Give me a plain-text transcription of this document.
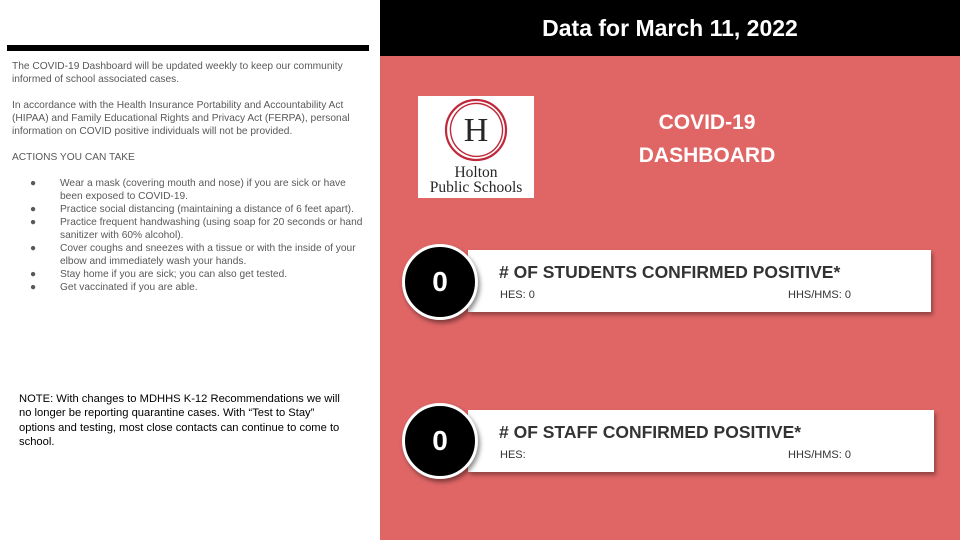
The COVID-19 Dashboard will be updated weekly to keep our community informed of school associated cases.

In accordance with the Health Insurance Portability and Accountability Act (HIPAA) and Family Educational Rights and Privacy Act (FERPA), personal information on COVID positive individuals will not be provided.

ACTIONS YOU CAN TAKE

● Wear a mask (covering mouth and nose) if you are sick or have been exposed to COVID-19.
● Practice social distancing (maintaining a distance of 6 feet apart).
● Practice frequent handwashing (using soap for 20 seconds or hand sanitizer with 60% alcohol).
● Cover coughs and sneezes with a tissue or with the inside of your elbow and immediately wash your hands.
● Stay home if you are sick; you can also get tested.
● Get vaccinated if you are able.
NOTE: With changes to MDHHS K-12 Recommendations we will no longer be reporting quarantine cases. With “Test to Stay” options and testing, most close contacts can continue to come to school.
Data for March 11, 2022
H
Holton
Public Schools
COVID-19
DASHBOARD
# OF STUDENTS CONFIRMED POSITIVE*
HES: 0	HHS/HMS: 0
0
# OF STAFF CONFIRMED POSITIVE*
HES:	HHS/HMS: 0
0
